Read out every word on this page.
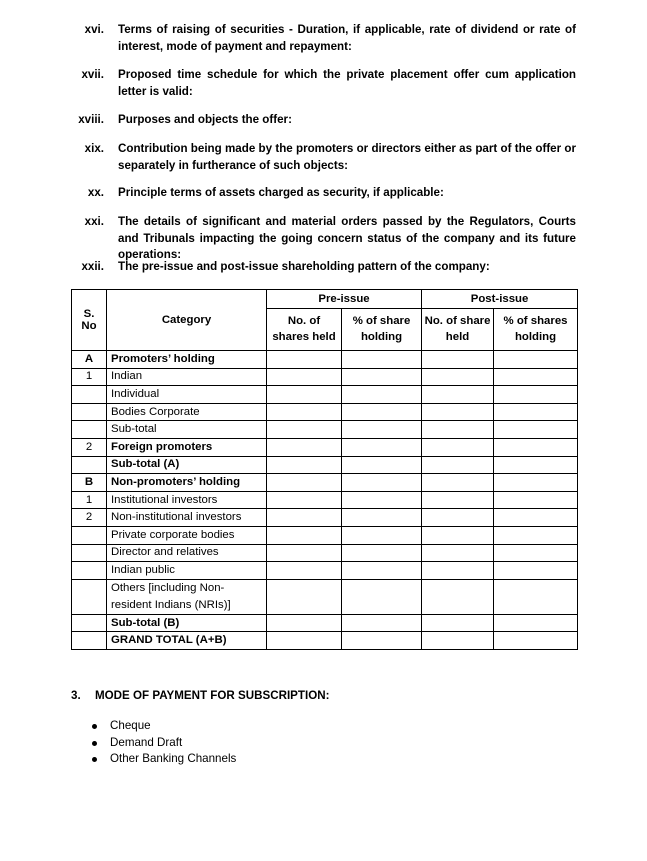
xvi. Terms of raising of securities - Duration, if applicable, rate of dividend or rate of interest, mode of payment and repayment:
xvii. Proposed time schedule for which the private placement offer cum application letter is valid:
xviii. Purposes and objects the offer:
xix. Contribution being made by the promoters or directors either as part of the offer or separately in furtherance of such objects:
xx. Principle terms of assets charged as security, if applicable:
xxi. The details of significant and material orders passed by the Regulators, Courts and Tribunals impacting the going concern status of the company and its future operations:
xxii. The pre-issue and post-issue shareholding pattern of the company:
S. No	Category	Pre-issue		Post-issue	
		No. of shares held	% of share holding	No. of share held	% of shares holding
A	Promoters’ holding				
1	Indian				
	Individual				
	Bodies Corporate				
	Sub-total				
2	Foreign promoters				
	Sub-total (A)				
B	Non-promoters’ holding				
1	Institutional investors				
2	Non-institutional investors				
	Private corporate bodies				
	Director and relatives				
	Indian public				
	Others [including Non-resident Indians (NRIs)]				
	Sub-total (B)				
	GRAND TOTAL (A+B)				
3. MODE OF PAYMENT FOR SUBSCRIPTION:
Cheque
Demand Draft
Other Banking Channels
